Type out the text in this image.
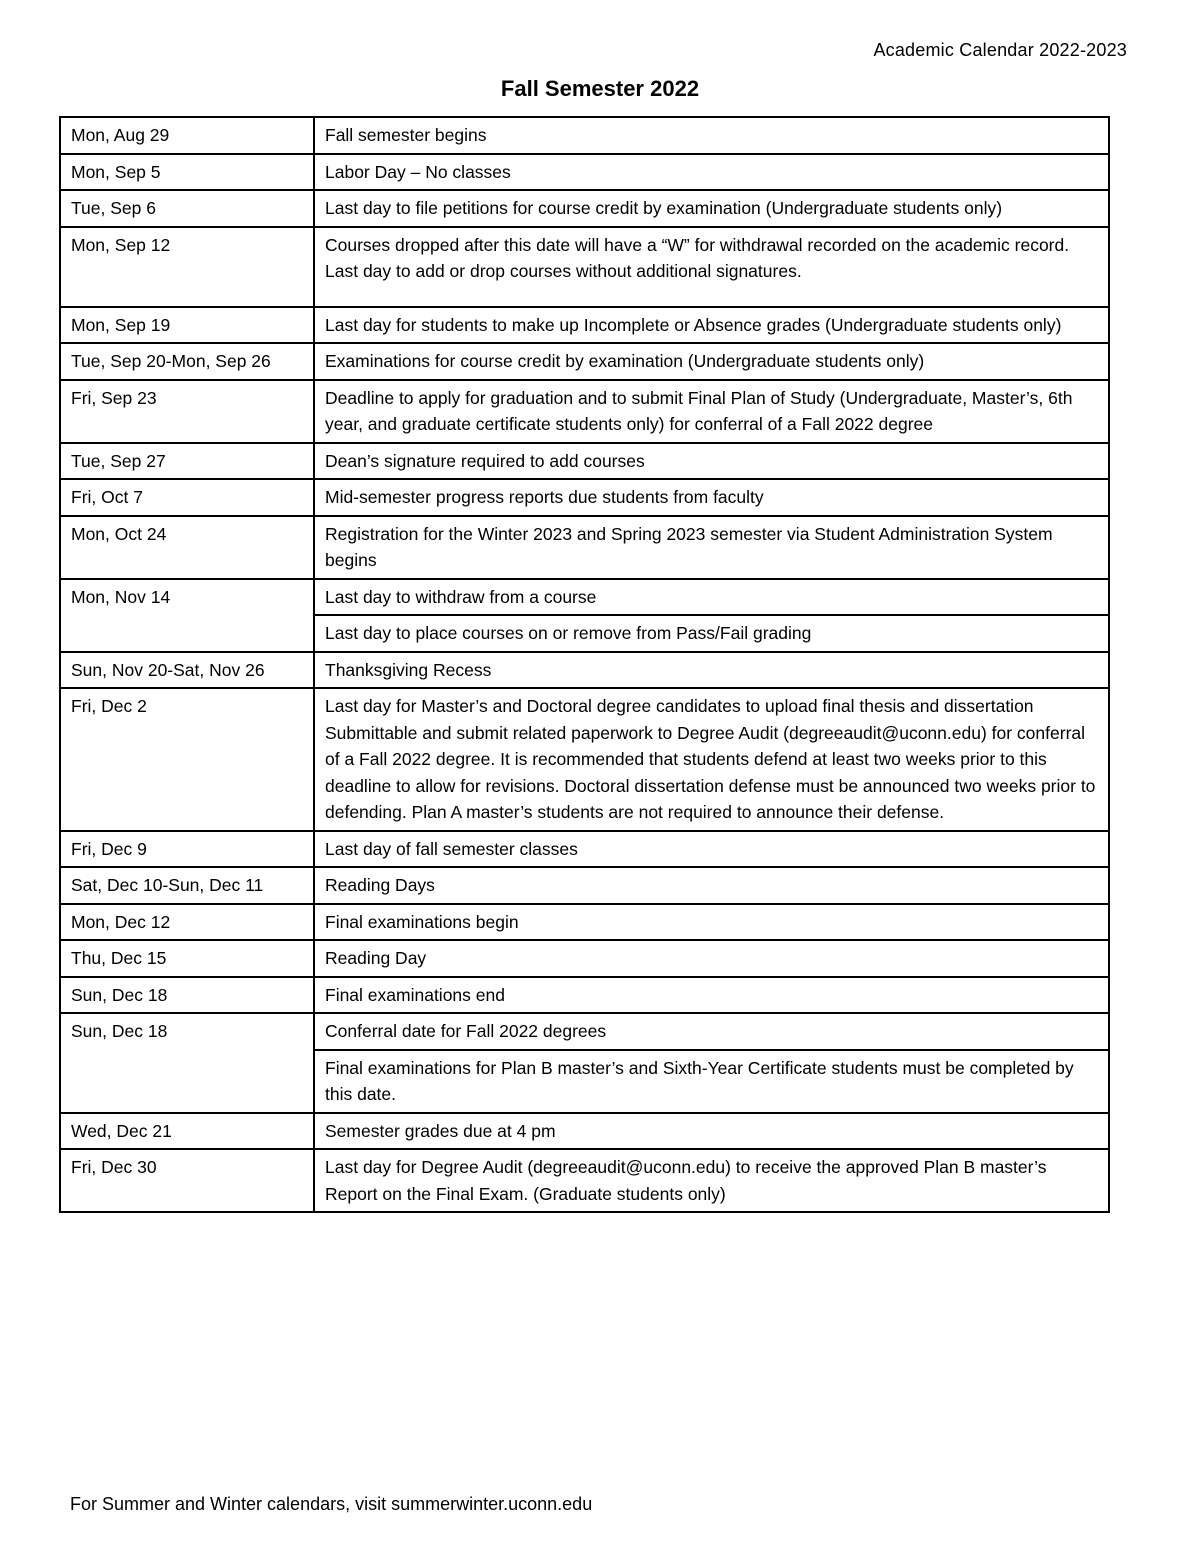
Academic Calendar 2022-2023
Fall Semester 2022
Mon, Aug 29	Fall semester begins
Mon, Sep 5	Labor Day – No classes
Tue, Sep 6	Last day to file petitions for course credit by examination (Undergraduate students only)
Mon, Sep 12	Courses dropped after this date will have a “W” for withdrawal recorded on the academic record. Last day to add or drop courses without additional signatures.
Mon, Sep 19	Last day for students to make up Incomplete or Absence grades (Undergraduate students only)
Tue, Sep 20-Mon, Sep 26	Examinations for course credit by examination (Undergraduate students only)
Fri, Sep 23	Deadline to apply for graduation and to submit Final Plan of Study (Undergraduate, Master’s, 6th year, and graduate certificate students only) for conferral of a Fall 2022 degree
Tue, Sep 27	Dean’s signature required to add courses
Fri, Oct 7	Mid-semester progress reports due students from faculty
Mon, Oct 24	Registration for the Winter 2023 and Spring 2023 semester via Student Administration System begins
Mon, Nov 14	Last day to withdraw from a course
	Last day to place courses on or remove from Pass/Fail grading
Sun, Nov 20-Sat, Nov 26	Thanksgiving Recess
Fri, Dec 2	Last day for Master’s and Doctoral degree candidates to upload final thesis and dissertation Submittable and submit related paperwork to Degree Audit (degreeaudit@uconn.edu) for conferral of a Fall 2022 degree. It is recommended that students defend at least two weeks prior to this deadline to allow for revisions. Doctoral dissertation defense must be announced two weeks prior to defending. Plan A master’s students are not required to announce their defense.
Fri, Dec 9	Last day of fall semester classes
Sat, Dec 10-Sun, Dec 11	Reading Days
Mon, Dec 12	Final examinations begin
Thu, Dec 15	Reading Day
Sun, Dec 18	Final examinations end
Sun, Dec 18	Conferral date for Fall 2022 degrees
	Final examinations for Plan B master’s and Sixth-Year Certificate students must be completed by this date.
Wed, Dec 21	Semester grades due at 4 pm
Fri, Dec 30	Last day for Degree Audit (degreeaudit@uconn.edu) to receive the approved Plan B master’s Report on the Final Exam. (Graduate students only)
For Summer and Winter calendars, visit summerwinter.uconn.edu
